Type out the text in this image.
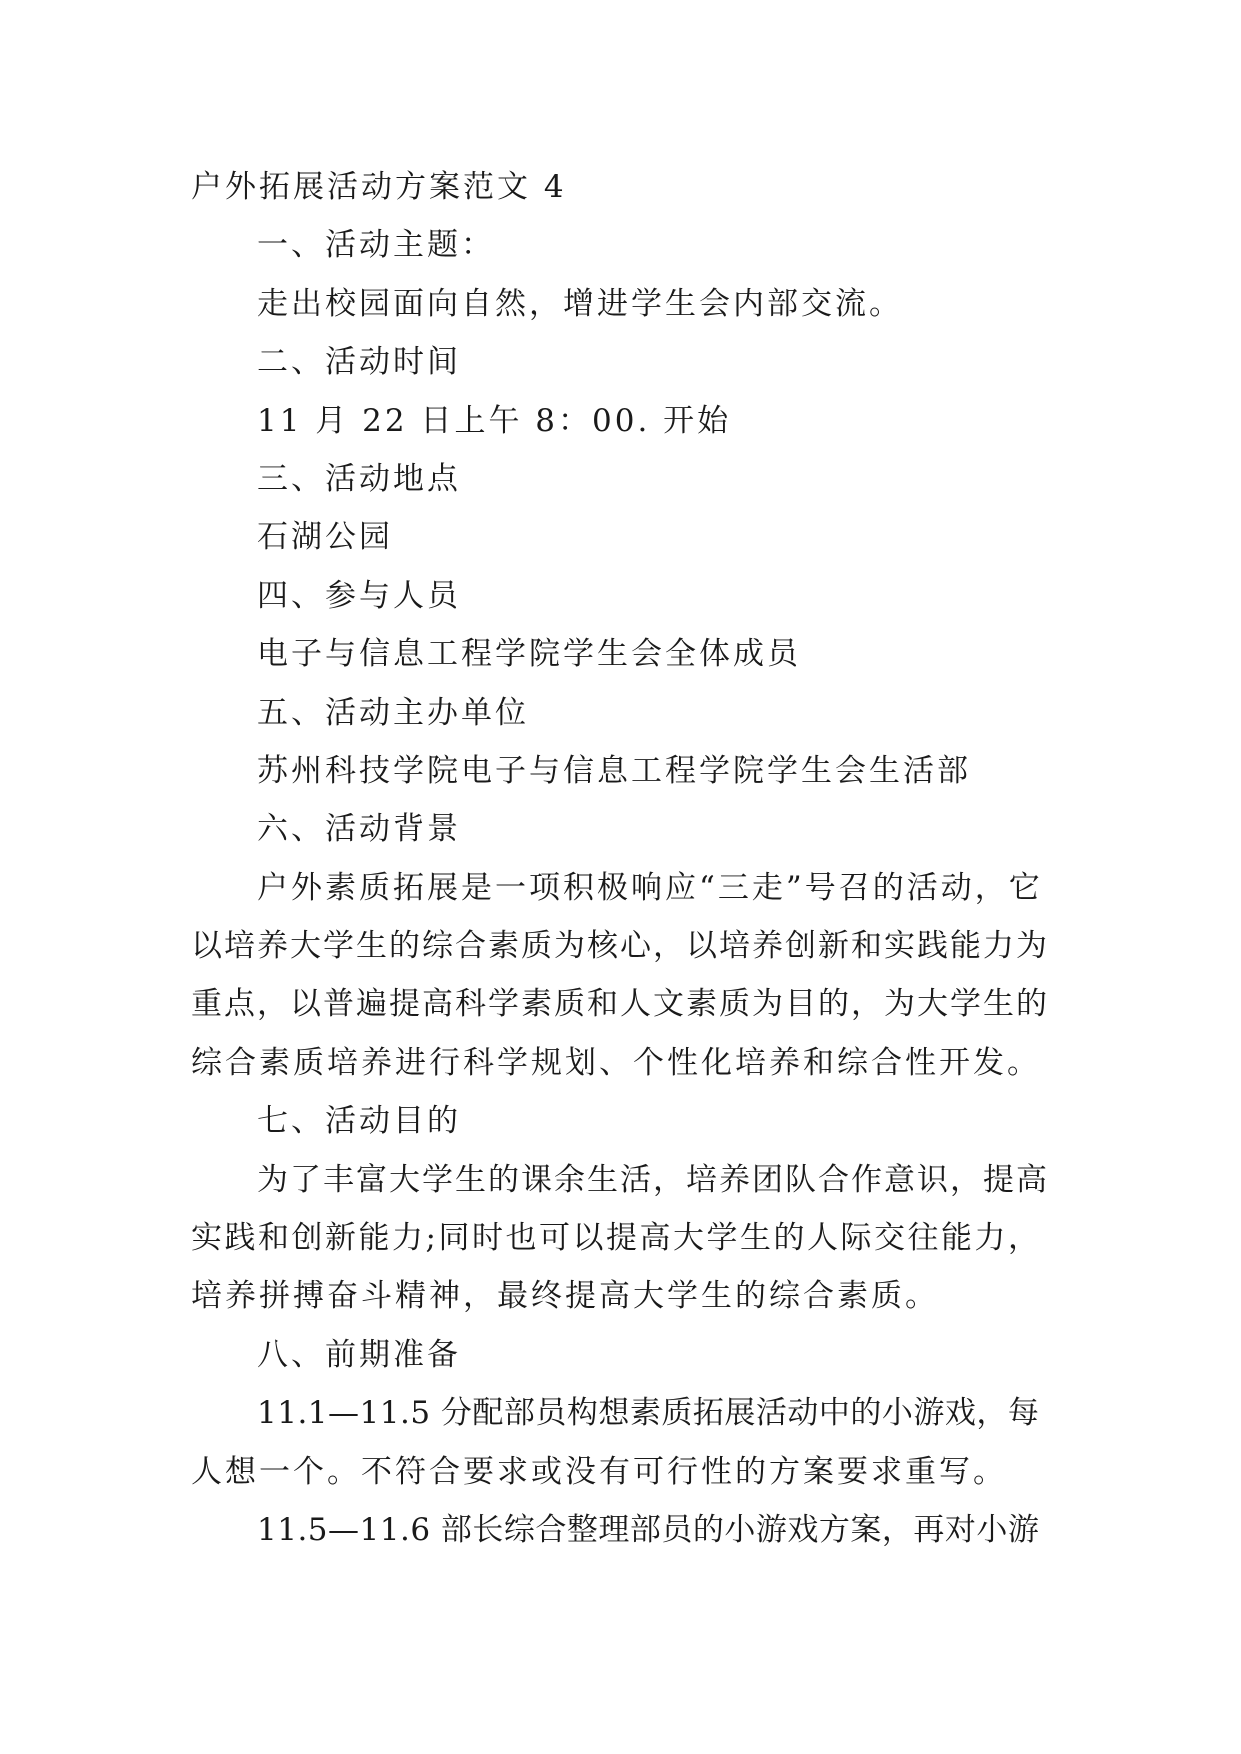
户外拓展活动方案范文 4
一、活动主题：
走出校园面向自然，增进学生会内部交流。
二、活动时间
11 月 22 日上午 8：00. 开始
三、活动地点
石湖公园
四、参与人员
电子与信息工程学院学生会全体成员
五、活动主办单位
苏州科技学院电子与信息工程学院学生会生活部
六、活动背景
户外素质拓展是一项积极响应“三走”号召的活动，它
以培养大学生的综合素质为核心，以培养创新和实践能力为
重点，以普遍提高科学素质和人文素质为目的，为大学生的
综合素质培养进行科学规划、个性化培养和综合性开发。
七、活动目的
为了丰富大学生的课余生活，培养团队合作意识，提高
实践和创新能力;同时也可以提高大学生的人际交往能力，
培养拼搏奋斗精神，最终提高大学生的综合素质。
八、前期准备
11.1—11.5 分配部员构想素质拓展活动中的小游戏，每
人想一个。不符合要求或没有可行性的方案要求重写。
11.5—11.6 部长综合整理部员的小游戏方案，再对小游
